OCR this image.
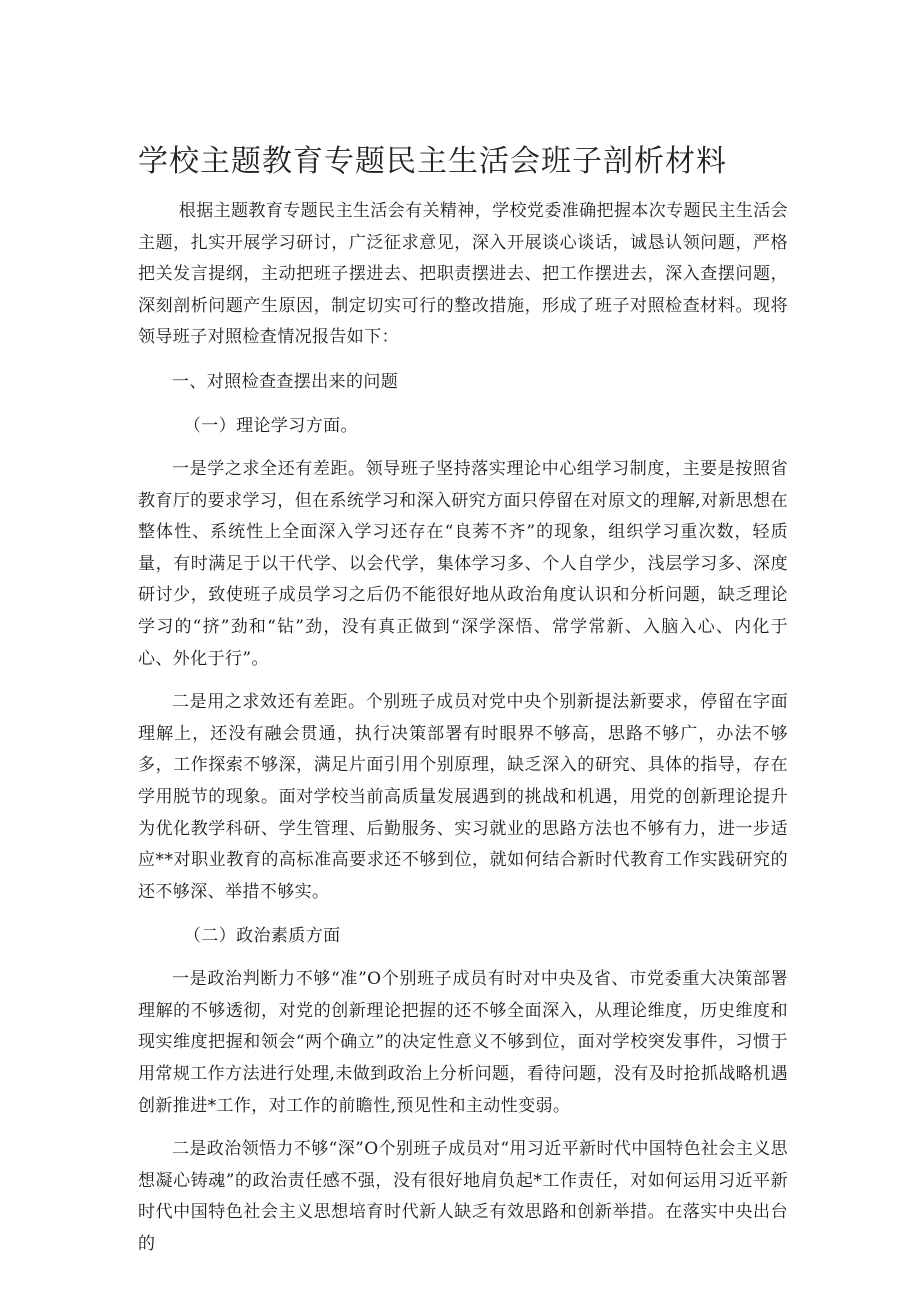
学校主题教育专题民主生活会班子剖析材料

根据主题教育专题民主生活会有关精神，学校党委准确把握本次专题民主生活会主题，扎实开展学习研讨，广泛征求意见，深入开展谈心谈话，诚恳认领问题，严格把关发言提纲，主动把班子摆进去、把职责摆进去、把工作摆进去，深入查摆问题，深刻剖析问题产生原因，制定切实可行的整改措施，形成了班子对照检查材料。现将领导班子对照检查情况报告如下：

一、对照检查查摆出来的问题

（一）理论学习方面。

一是学之求全还有差距。领导班子坚持落实理论中心组学习制度，主要是按照省教育厅的要求学习，但在系统学习和深入研究方面只停留在对原文的理解,对新思想在整体性、系统性上全面深入学习还存在“良莠不齐”的现象，组织学习重次数，轻质量，有时满足于以干代学、以会代学，集体学习多、个人自学少，浅层学习多、深度研讨少，致使班子成员学习之后仍不能很好地从政治角度认识和分析问题，缺乏理论学习的“挤”劲和“钻”劲，没有真正做到“深学深悟、常学常新、入脑入心、内化于心、外化于行”。

二是用之求效还有差距。个别班子成员对党中央个别新提法新要求，停留在字面理解上，还没有融会贯通，执行决策部署有时眼界不够高，思路不够广，办法不够多，工作探索不够深，满足片面引用个别原理，缺乏深入的研究、具体的指导，存在学用脱节的现象。面对学校当前高质量发展遇到的挑战和机遇，用党的创新理论提升为优化教学科研、学生管理、后勤服务、实习就业的思路方法也不够有力，进一步适应**对职业教育的高标准高要求还不够到位，就如何结合新时代教育工作实践研究的还不够深、举措不够实。

（二）政治素质方面

一是政治判断力不够“准”O个别班子成员有时对中央及省、市党委重大决策部署理解的不够透彻，对党的创新理论把握的还不够全面深入，从理论维度，历史维度和现实维度把握和领会“两个确立”的决定性意义不够到位，面对学校突发事件，习惯于用常规工作方法进行处理,未做到政治上分析问题，看待问题，没有及时抢抓战略机遇创新推进*工作，对工作的前瞻性,预见性和主动性变弱。

二是政治领悟力不够“深”O个别班子成员对“用习近平新时代中国特色社会主义思想凝心铸魂”的政治责任感不强，没有很好地肩负起*工作责任，对如何运用习近平新时代中国特色社会主义思想培育时代新人缺乏有效思路和创新举措。在落实中央出台的
